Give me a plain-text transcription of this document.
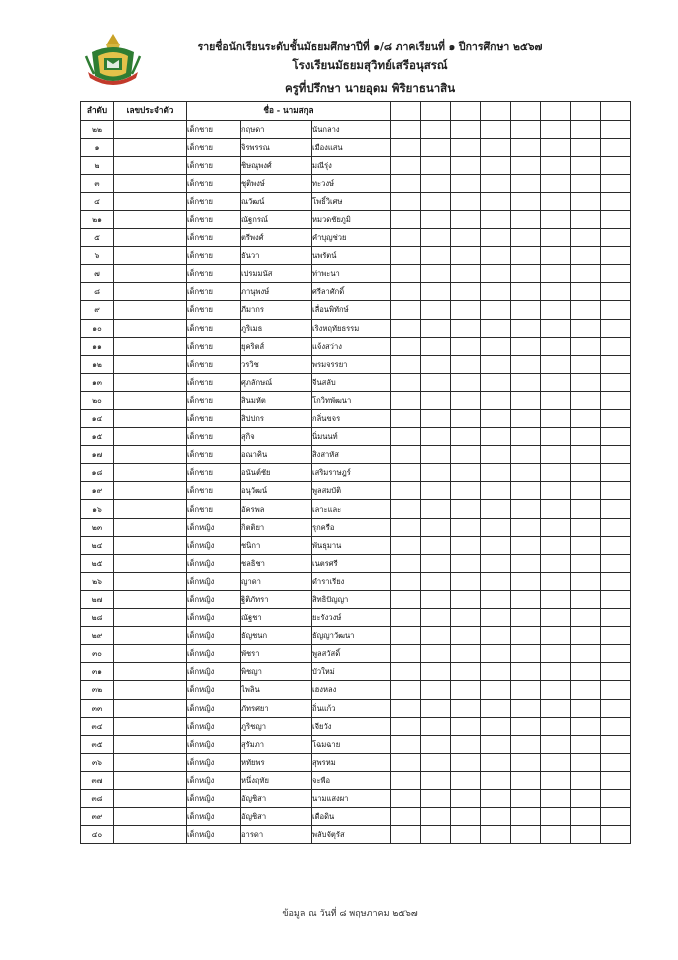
รายชื่อนักเรียนระดับชั้นมัธยมศึกษาปีที่ ๑/๘ ภาคเรียนที่ ๑ ปีการศึกษา ๒๕๖๗
โรงเรียนมัธยมสุวิทย์เสรีอนุสรณ์
ครูที่ปรึกษา นายอุดม พิริยาธนาสิน
ลำดับ	เลขประจำตัว	ชื่อ - นามสกุล										
๒๒		เด็กชาย	กฤษดา	นันกลาง								
๑		เด็กชาย	จิรพรรณ	เมืองแสน								
๒		เด็กชาย	ชิษณุพงศ์	มณีรุ่ง								
๓		เด็กชาย	ชุติพงษ์	ทะวงษ์								
๔		เด็กชาย	ณวัฒน์	โพธิ์วิเศษ								
๒๑		เด็กชาย	ณัฐกรณ์	หมวดชัยภูมิ								
๕		เด็กชาย	ตรีพงศ์	คำบุญช่วย								
๖		เด็กชาย	ธันวา	นพรัตน์								
๗		เด็กชาย	เปรมมนัส	ท่าพะนา								
๘		เด็กชาย	ภานุพงษ์	ศรีลาศักดิ์								
๙		เด็กชาย	ภีมากร	เลื่อนพิทักษ์								
๑๐		เด็กชาย	ภูริเมธ	เริงหฤทัยธรรม								
๑๑		เด็กชาย	ยุคริตส์	แจ้งสว่าง								
๑๒		เด็กชาย	วรวิช	พรมจรรยา								
๑๓		เด็กชาย	ศุภลักษณ์	จีนสลับ								
๒๐		เด็กชาย	สินมหัต	โกวิทพัฒนา								
๑๔		เด็กชาย	สิปปกร	กลิ่นขจร								
๑๕		เด็กชาย	สุกิจ	นิ่มนนท์								
๑๗		เด็กชาย	อณาคิน	สิงสาหัส								
๑๘		เด็กชาย	อนันต์ชัย	เสริมราษฎร์								
๑๙		เด็กชาย	อนุวัฒน์	พูลสมบัติ								
๑๖		เด็กชาย	อัครพล	เลาะและ								
๒๓		เด็กหญิง	กิตติยา	รุกครือ								
๒๔		เด็กหญิง	ชนิกา	พันธุมาน								
๒๕		เด็กหญิง	ชลธิชา	เนตรศรี								
๒๖		เด็กหญิง	ญาดา	ดำราเรียง								
๒๗		เด็กหญิง	ฐิติภัทรา	สิทธิปัญญา								
๒๘		เด็กหญิง	ณัฐชา	ยะรังวงษ์								
๒๙		เด็กหญิง	ธัญชนก	ธัญญาวัฒนา								
๓๐		เด็กหญิง	พัชรา	พูลสวัสดิ์								
๓๑		เด็กหญิง	พิชญา	บัวใหม่								
๓๒		เด็กหญิง	ไพลิน	เฮงหลง								
๓๓		เด็กหญิง	ภัทรศยา	ถิ่นแก้ว								
๓๔		เด็กหญิง	ภูริชญา	เจียวัง								
๓๕		เด็กหญิง	สุรัมภา	โฉมฉาย								
๓๖		เด็กหญิง	หทัยพร	สุพรหม								
๓๗		เด็กหญิง	หนึ่งฤทัย	จะพือ								
๓๘		เด็กหญิง	อัญชิสา	นามแสงผา								
๓๙		เด็กหญิง	อัญชิสา	เดือดิน								
๔๐		เด็กหญิง	อารดา	พลับจัตุรัส								
ข้อมูล ณ วันที่ ๘ พฤษภาคม ๒๕๖๗
